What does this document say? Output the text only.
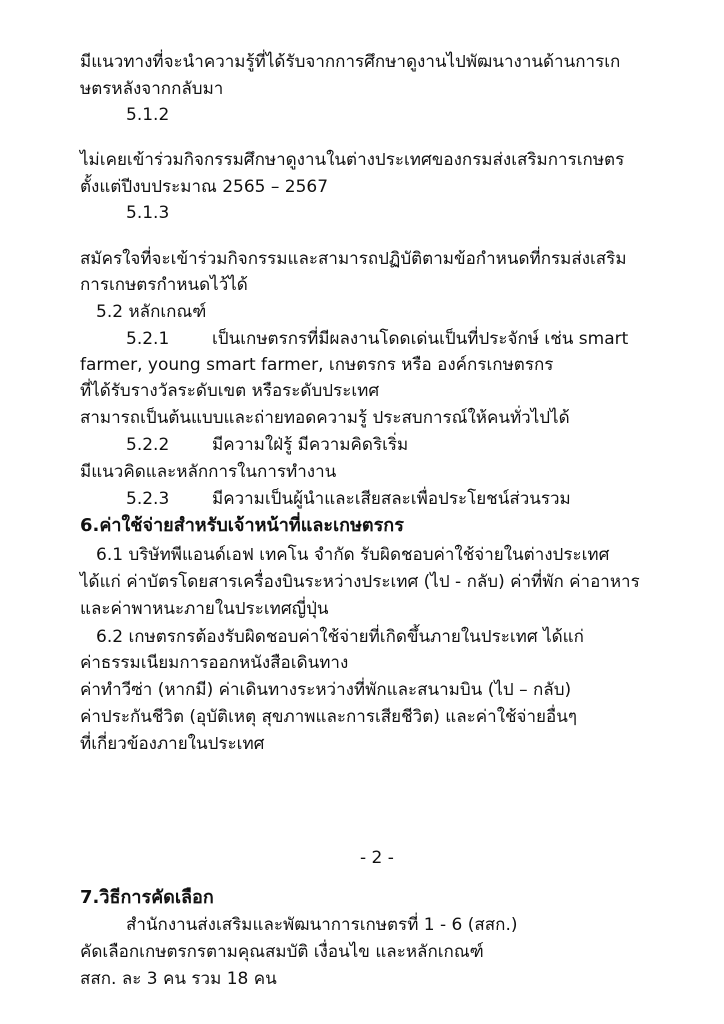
มีแนวทางที่จะนำความรู้ที่ได้รับจากการศึกษาดูงานไปพัฒนางานด้านการเก
ษตรหลังจากกลับมา
5.1.2
ไม่เคยเข้าร่วมกิจกรรมศึกษาดูงานในต่างประเทศของกรมส่งเสริมการเกษตร
ตั้งแต่ปีงบประมาณ 2565 – 2567
5.1.3
สมัครใจที่จะเข้าร่วมกิจกรรมและสามารถปฏิบัติตามข้อกำหนดที่กรมส่งเสริม
การเกษตรกำหนดไว้ได้
5.2 หลักเกณฑ์
5.2.1	เป็นเกษตรกรที่มีผลงานโดดเด่นเป็นที่ประจักษ์ เช่น smart
farmer, young smart farmer, เกษตรกร หรือ องค์กรเกษตรกร
ที่ได้รับรางวัลระดับเขต หรือระดับประเทศ
สามารถเป็นต้นแบบและถ่ายทอดความรู้ ประสบการณ์ให้คนทั่วไปได้
5.2.2	มีความใฝ่รู้ มีความคิดริเริ่ม
มีแนวคิดและหลักการในการทำงาน
5.2.3	มีความเป็นผู้นำและเสียสละเพื่อประโยชน์ส่วนรวม
6.ค่าใช้จ่ายสำหรับเจ้าหน้าที่และเกษตรกร
6.1 บริษัทพีแอนด์เอฟ เทคโน จำกัด รับผิดชอบค่าใช้จ่ายในต่างประเทศ
ได้แก่ ค่าบัตรโดยสารเครื่องบินระหว่างประเทศ (ไป - กลับ) ค่าที่พัก ค่าอาหาร
และค่าพาหนะภายในประเทศญี่ปุ่น
6.2 เกษตรกรต้องรับผิดชอบค่าใช้จ่ายที่เกิดขึ้นภายในประเทศ ได้แก่
ค่าธรรมเนียมการออกหนังสือเดินทาง
ค่าทำวีซ่า (หากมี) ค่าเดินทางระหว่างที่พักและสนามบิน (ไป – กลับ)
ค่าประกันชีวิต (อุบัติเหตุ สุขภาพและการเสียชีวิต) และค่าใช้จ่ายอื่นๆ
ที่เกี่ยวข้องภายในประเทศ
- 2 -
7.วิธีการคัดเลือก
สำนักงานส่งเสริมและพัฒนาการเกษตรที่ 1 - 6 (สสก.)
คัดเลือกเกษตรกรตามคุณสมบัติ เงื่อนไข และหลักเกณฑ์
สสก. ละ 3 คน รวม 18 คน
